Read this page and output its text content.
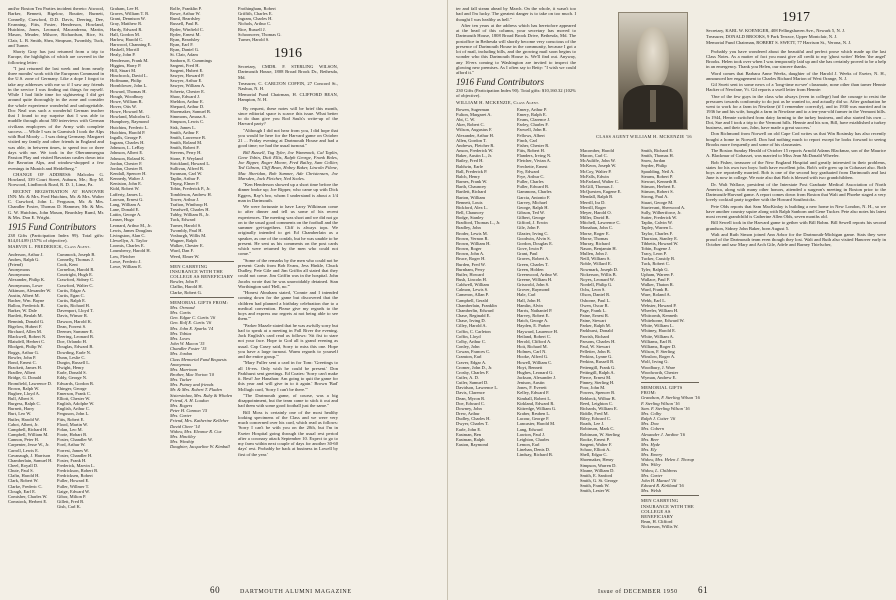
and/or Boston Tea Parties incident thereto: Atwood, Barker, Bennett, Bigelow, Boutier, Burnett, Connelly, Crawford, D.D. Davis, Deering, Dee, Evanning, Fitts, Foster, Henderson, Howland, Hutchins, Jones, Leonard, Macandreau, Martin, Mason, Meader, Milsore, Richardson, Rice, St. Clair, L. B. Smith, Shea, Simpson, Twombly, Tuck, and Turner.

Shorty Gray has just returned from a trip to Europe, the highlights of which are covered in the following letter:

"I just returned the last week and from nearly three months' work with the European Command in the U.S. zone of Germany. Like a dope I forgot to take any addresses with me so if I saw any friends in the service I was finding out things for myself. While I had little time for sightseeing I did get around quite thoroughly in the zone and consider the whole experience wonderful and unforgettable. Doc Neal was such a wonderful German teacher that I found to my surprise that I was able to muddle through about 500 interviews with German civilians employees of the Army with complete success. ... While I was in Garmisch I took the Alps with Bud Moody ... I was doing Germany. Margaret visited my family and other friends in England and was able, in between times, to spend two or three days with me. We took in the Oberammergau Passion Play and visited Bavarian castles down into the Bavarian Alps, and window-shopped a few evenings in Munich and Heidelberg."

CHANGE OF ADDRESS: Malcolm G. Howland, 339 Court Street, Auburn, Me.; Roy M. Norwood, Lindbrook Road, R. D. 1, Lima, Pa.

RECENT REGISTRATION AT HANOVER INN: Mr. & Mrs. Fred Hutchins, Mr. & Mrs. Walter C. Crawford, John L. Ferguson, Mr. & Mrs. Chandler Foster, Thomas D. Hammer, Mr. & Mrs. G. W. Hutchins, John Mason, Beardsley Ruml, Mr. & Mrs. Don E. Wright.

1915 Fund Contributors

238 Gifts (Participation Index 99). Total gifts: $14,014.89 (157% of objective).

MARVIN L. FREDERICK, Class Agent.

Anderson, Arthur J.
Andres, Ralph G.
(Friend)
Anonymous
Anonymous
Alexander, Philip K.
Anonymous, Lowe
Atkinson, Alexander W.
Austin, Albert M.
Bacher, Wm. Bayne
Ballou, Frederick R.
Barker, W. Dale
Bartlett, Beulah M.
Bennink, Donald G.
Bigelow, Hubert F.
Birchard, Allen M.
Blackwell, Robert N.
Blaisdell, Herbert C.
Blodgett, Philip W.
Boggs, Arthur G.
Bowler, John P.
Bond, Ernest C.
Brackett, James H.
Bradlee, Albert
Bridge, G. Donald
Bromfield, Lawrence D.
Brown, Ralph W.
Bugbee, Lloyd A.
Bull, Albert S.
Burgess, Ralph C.
Burnett, Harry
Burt, Leo W.
Butler, Harold W.
Cabot, Albert, Jr.
Campbell, Richard H.
Campbell, William M.
Cannon, Peter H.
Carpenter, Jesse W., Jr.
Carroll, Lewis E.
Cavanaugh, J. Harrison
Chamberlain, Samuel H.
Cheel, Royall D.
Chute, Paul S.
Clafin, Harold H.
Clark, Robert W.
Clarke, Frederic C.
Clough, Earl E.
Comisher, Charles W.
Comstock, Herbert E.
Cummock, Joseph B.
Connelly, Thomas J.
Cook, Kent
Cornelius, Harold R.
Courtright, Hugh E.
Crawford, Sidney C.
Crawford, Walter C.
Curtis, Edgar A.
Curtis, Egan C.
Curtis, Ralph E.
Curtis, Richard H.
Davenport, Lloyd T.
Davis, Winsor R.
Dawson, Harold K.
Dean, Forrest S.
Deemer, Summer E.
Deering, Leonard B.
Doe, Orlando H.
Douglas, Edward B.
Dowding, Earle N.
Dunn, Leslie C.
Durgin, Russell L.
Dwight, Henry
Earle, Donald S.
Eddy, George N.
Edwards, Gordon B.
Ehinger, George
Emerson, Frank C.
Elliott, Chester W.
English, Adolphe W.
English, Arthur C.
Ferguson, John L.
Fitts, Robert E.
Flood, Martin W.
Folan, Leo M.
Foote, Hobart B.
Foster, Chandler W.
Ford, Arthur W.
Forrest, James W.
Foster, Chandler H.
Foster, Frank H.
Frederick, Marvin L.
Fredrickson, Robert B.
Fredricksen, Robert
Fuller, Howard E.
Fuller, Willmer T.
Gaige, Edward W.
Gibor, Milton P.
Gillett, Fred B.
Gish, Carl K.
Graham, Lee H.
Graves, William T. B.
Grant, Dennison W.
Gray, Matthew R.
Hardy, Edward R.
Hall, Gordon M.
Harlow, Harold C.
Harwood, Channing E.
Haskell, Morrill
Healy, John P.
Henderson, Frank M.
Higgins, Harry P.
Hill, Stuart M.
Hinchcock, David L.
Hoffmann, Philip
Hornblower, John L.
Howard, Thomas H.
Hough, Woodbury
Howe, William R.
Hover, Otis W.
Howe, Howard M.
Howland, Malcolm G.
Humphrey, Raymond
Hutchins, Frederic L.
Hutchins, Harold P.
Ingalls, George P.
Ingram, Charles H.
Johnson, L. LeRoy
Johnson, Albert E.
Johnson, Roland K.
Jordan, Chester F.
Jordan, Chester B.
Kendall, Spencer H.
Kennedy, Walter J.
Keniston, John E.
Kidd, Robert W.
Lafferty, James L.
Lawson, Ernest G.
Lang, William A.
Lane, Donald E.
Lattin, George A.
Leaser, Hugo
Leonard, Arthur M., Jr.
Lewis, James Douglass
Livingston, Alan C.
Llewellyn, A. Taylor
Loomis, Charles E.
Lounsberry, Harold H.
Low, Fletcher
Lowe, Frederic J.
Lowe, William E.
Rolfe, Franklin P.
Rowe, Arthur W.
Ruml, Beardsley
Russell, Paul B.
Ryder, Winfield C.
Ryder, Ernest M.
Ryan, Beardsley
Ryan, Earl F.
Ryan, Daniel G.
St. Clair, Adam
Sanborn, E. Cummings
Sargent, Fred H.
Sargent, Hubert E.
Sawyer, Howard P.
Sawyer, Arthur E.
Sawyer, William A.
Scheetz, Chester E.
Shaw, Edward J.
Sheldon, Arthur E.
Shepard, Arthur D.
Shoemaker, Samuel B.
Simmons, Amasa A.
Simpson, Lewis C.
Sisk, James L.
Smith, Arthur F.
Smith, Lawrence B.
Smith, Roland M.
Smith, Robert F.
Stevens, Perry H.
Stone, F. Weyland
Strickland, Howard L.
Sullivan, Alfred B.
Swanson, Carl W.
Taplin, Arthur F.
Thyng, Elmer F.
Tobin, Frederick P., Jr.
Tombleson, Andrew H.
Tower, Arthur J.
Trafton, Winthrop H.
Treadwell, Charles H.
Tubby, William B., Jr.
Tuck, Edward
Turner, Harold S.
Twombly, Paul H.
Vosburgh, Willis M.
Wagner, Ralph
Walker, Chester E.
Ward, Dan F.
Weed, Elmer W.
MEN CARRYING INSURANCE WITH THE COLLEGE AS BENEFICIARY
Bowler, John P.
Claflin, Harold H.
Clarke, Robert G.
MEMORIAL GIFTS FROM:
Mrs. Ormond
Mrs. Curtis
Gen. Edgar C. Curtis '16
Gen. Rolf E. Curtis '16
Mrs. John E. Sparks '14
Mrs. Tobias
Mrs. Loves
John W. Macon '15
Chandler Foster '15
Mrs. Jordan
Class Memorial Fund Bequests
Anonymous
Mrs. Marrinan
Brother, Mac Norton '10
Mrs. Tucker
Mrs. Putney and friends
Mr. & Mrs. Robert T. Fladen
Sistersinlaw, Mrs. Ruby & Whalen
Friend, A. H. Loudon
Mrs. Rogers
Peter H. Cannon '15
Mrs. Carter
Friend, Mrs. Katherine Kelleher
David Cheer '14
Widow, Mrs. Eleanor R. Cox
Mrs. Hinckley
Mrs. Winship
Daughter, Jacqueline W. Kimball
Frothingham, Robert
Griffith, Charles E.
Ingram, Charles H.
Nichols, Arthur C.
Rice, Russell J.
Schoonover, Thomas G.
Turner, Harold S.
1916

Secretary, CMDR. F. STERLING WILSON, Dartmouth House, 1808 Broad Brook Dr., Bethesda, Md.

Treasurer, C. CARLTON COFFIN, 27 Concord St., Nashua, N. H.

Memorial Fund Chairman, H. CLIFFORD BEAN, Hampton, N. H.

By request, these notes will be brief this month, since editorial space is scarce this issue. What better to do than give you Rod Sauls's write-up of the Harvard party?

"Although I did not hear from you, I did hope that you would be here for the Harvard game on October 21 ... Friday evening at Dartmouth House and had a good time; we had the usual turnout."

Bill Russell, Tug Tyler, Joe Wammock, Cal Taplin, Gene Tobin, Dick Ellis, Ralph George, Frank Boles, Joe Ripper, Roger Moore, Fred Bailey, Sam Collier, Ted Gibson, Cliff Bean, Hobey Baker, Lincoln Filene, Mac Sheridan, Bob Sumner, Ade Christensen, Joe Marsden, Jack Fletcher, Ned Scales.

"Ken Henderson showed up a short time before the dinner broke up; Joe Ripper, who came up with Dick Eggers, Ray's bro, whom I understand is about a 1/4 man in Dartmouth.

We were fortunate to have Larry Wilkinson come to after dinner and tell us some of his recent experiences. The meeting was short and we did not go on to the usual good comments on the football and the summer get-togethers. Cliff is always tops. We originally intended to get Ed Chamberlain as a speaker, as one of the confab, but he was unable to be present. He sent us his comments on the post cards which were returned by the men who could not come."

"Some of the remarks by the men who could not be present: Cards from Bob Evans, Jess Hinkle, Chuck Dudley, Pete Gile and Jim Griffin all stated that they could not come. Jim Griffin was in the hospital. John Jacobs wrote that he was unavoidably detained. Stan Worthington said 'Hell, no.'"

"Honest Abraham stated, 'Connie and I intended coming down for the game but discovered that the children had planned a birthday celebration due to a medical convention. Please give my regards to the boys and express our regrets at not being able to see them.'"

"Parker Mazzle stated that he was awfully sorry but had to speak at a meeting in Fall River the evening. Jack English's card read as follows: 'Sit fist to stare not your face. Hope to God all is grand evening as usual. Cap Casey said, Sorry to miss this one. Hope you have a large turnout. Warm regards to yourself and the entire group.'"

"Mary Fuller sent a card in for Tom: 'Greetings to all 16-ers. Only wish he could be present.' Don Parkhurst sent greetings. Ed Coates: 'Sorry can't make it. Best! Joe Hanahan: Am going to quit the game for this year and will give in to it again.' Brown 'Bad' Mcllugh card, 'Sorry I can't be there.'"

"The Dartmouth game, of course, was a big disappointment, but the team came to stick it out and had them with some good football just the same."

Bill Moss is certainly one of the most healthy looking specimens of the Class and we were very much concerned over his card, which read as follows: 'Sorry I can't be with you on the 20th, but I'm in Exeter Hospital going through the usual rest period after a coronary attack September 10. Expect to go to my farm within next couple of days for another 30-60 days' rest. Probably be back at business in Lowell by first of the year.'

60	DARTMOUTH ALUMNI MAGAZINE

ter and fall steam ahead by March. On the whole, it wasn't too bad and I'm lucky. The greatest danger is to take on too much. I thought I was healthy as hell."

After ten years at the address which has heretofore appeared at the head of this column, your secretary has moved to Dartmouth House, 1808 Broad Brook Drive, Bethesda, Md. The postoffice in Bethesda will shortly become very conscious of the presence of Dartmouth House in the community, because I got a lot of mail, including bills, and the growing mail soon begins to wonder who this Dartmouth House is. We'll find out. Anyway, any 16-ers coming to Washington are invited to inspect the glowing new premises. As I often say to Betty: "I wish we could afford it."

1916 Fund Contributors

230 Gifts (Participation Index 90). Total gifts: $10,160.32 (102% of objective).

WILLIAM H. MCKENZIE, Class Agent.

Bowen, Sugerman
Fulton, Margaret A.
Abt, C. W.
Aker, Robert C.
Wilson, Augustus F.
Alexander, Arthur H.
Allen, Gordon T.
Andrews, Fletcher R.
Anson, Frederick W.
Baker, Austin L., Jr.
Bailey, Fred H.
Baldwin, Earle
Ball, Frederick P.
Balch, Henry
Barnes, Frank W.
Barth, Chauncey
Bartlett, Richard
Barton, William
Bennett, Louis
Bickford, Alex L.
Bell, Chauncey
Bodge, Stanley
Bradford, Thomas L., Jr.
Bradley, John
Broder, Lewis M.
Brown, Vernon R.
Brown, William H.
Brown, Roger
Brown, John A.
Bruce, Roger H.
Burden, Fred W.
Burnham, Perry
Butler, Howard
Bush, Lincoln H.
Caldwell, William
Calmon, Lewis S.
Cameron, Allan P.
Campbell, Gerald
Chamberlain, Franklin
Chamberlin, Edward
Chase, Reginald E.
Chase, Irving D.
Cilley, Harold A.
Coffin, C. Carleton
Coffin, Lloyd
Colby, Arthur C.
Conley, John
Cowan, Frances C.
Cramton, Earl
Craver, Edgar A.
Cromer, John D., Jr.
Crosby, Charles F.
Cutler, A. D.
Cutler, Samuel D.
Davidson, Lawrence L.
Davis, Clarence
Dean, Myron R.
Doe, Edward C.
Downey, John
Drew, Arthur
Dudley, Charles H.
Dwyer, Charles T.
Earle, John E.
Eastman, Ben
Eastman, Ralph
Easton, Raymond
Emery, Arthur P.
Emery, Ralph E.
Evans, Clarence J.
Farley, Charles F.
Farwell, John R.
Fellows, Albert
Finch, Carl
Fisher, Chester R.
Fitts, Robert H.
Flanders, Irving N.
Fletcher, Vivian A.
Frechette, Ernest
Fry, Edward
Frye, Arthur C.
Fuller, Charles
Fuller, Edward B.
Gammons, Charles
Garcia, Antonio F.
Garvey, Michael
George, Ralph H.
Gibson, Ted W.
Gilbert, George
Gifford, J. Erwin
Gile, John F.
Glazier, Irving C.
Goodwin, Alvin S.
Gordon, Douglas E.
Gove, Irwin P.
Grant, Paul
Graves, Robert A.
Green, Charles T.
Green, Holden
Greenwood, Arthur W.
Greene, William H.
Griswold, John S.
Grover, Raymond
Hale, Carl
Hall, John H.
Hamlin, Alvin
Harris, Nathaniel P.
Harvey, Robert E.
Hatch, George A.
Hayden, E. Parker
Hayward, Laurence H.
Heiland, Robert C.
Herold, Clifford A.
Hoit, Richard M.
Holmes, Carl N.
Hooke, Alfred G.
Howell, William C.
Hoyt, Bennett
Hughes, Leonard G.
Jackson, Alexander J.
Jenison, Austin
Jones, F. Everett
Kelley, Edward F.
Kimball, Robert L.
Kirkland, Edward R.
Kittredge, William G.
Kraber, Reuben L.
Lacour, George F.
Lancaster, Harold M.
Lang, Edward
Lawton, Paul J.
Leighton, Charles
Lemon, Earl
Linehan, Denis D.
Lindsay, Richard B.
Macomber, Harold
Macon, Carl C.
McAuliffe, John W.
McKeon, Joseph W.
McCoy, Walter P.
McFalls, Edwin
McFarland, Walter C.
McGill, Thomas J.
McQuesten, Eugene E.
Mendall, Ralph B.
Merrill, Ira D.
Merrill, Roger
Meyer, Harold O.
Miller, David B.
Mitchell, Lawrence C.
Monahan, John C.
Morse, Roger E.
Morse, Thomas
Murray, Richard
Nason, Benjamin H.
Mullen, John J.
Neill, William S.
Noble, Willard E.
Nowmark, Joseph D.
Nickerson, Willis B.
Noyes, Leonard W.
Nordell, Philip G.
Ochs, Leon S.
Olson, Daniel R.
Osborne, Paul L.
Owen, Oscar R.
Page, Frank L.
Paine, Ernest R.
Paine, Stewart
Parker, Ralph M.
Parkhurst, Donald
Parrish, Richard
Parsons, Charles H.
Paul, W. Stewart
Pelletier, John B.
Perkins, Lynne G.
Perkins, Russell B.
Pettengill, Frank G.
Pettingill, Ralph A.
Pierce, Ernest M.
Pinney, Sterling H.
Poor, John M.
Powers, Spencer B.
Rebbeck, Wilbur B.
Reed, Leighton C.
Richards, William E.
Riddle, Fred M.
Riley, Edward C.
Roads, Lee J.
Robinson, Mark C.
Robinson, W. Sterling
Rooke, Ernest P.
Sargent, Walter F.
Schaw, Elliott A.
Shell, Edgar C.
Shoemaker, Henry
Simpson, Warren D.
Sloane, William D.
Smith, E. Sanford
Smith, G. St. George
Smith, Frank W.
Smith, Lester W.
Smith, Richard E.
Smith, Thomas H.
Snow, Jordan
Snyder, Philip
Spaulding, Neil A.
Stearns, Robert P.
Stewart, Kenneth B.
Stinson, Herbert E.
Stinson, Robert S.
Strong, Paul A.
Stuart, George M.
Sturtevant, Sherwood A.
Sully, Wilbertforce, Jr.
Sutter, Frederick W.
Taplin, Calvin W.
Tapley, Warren L.
Taylor, Charles F.
Thurston, Stanley E.
Tibbetts, Howard W.
Tobin, Eugene J.
Tracy, Leon P.
Tucker, Cassidy B.
Tuck, Robert C.
Tyler, Ralph G.
Upham, Warren F.
Wallace, Paul F.
Walker, Thaton R.
Ward, Frank B.
Ware, Roland A.
Webb, Earl L.
Webster, Howard P.
Wheeler, William H.
Whitcomb, Kenneth
Whitehorne, Edward W.
White, William L.
Whitney, Harold E.
White, William A.
Williams, Earl B.
Williams, Roger D.
Wilson, F. Sterling
Winslow, Roger A.
Wolf, Irving G.
Woodbury, J. Ware
Woodworth, Chester
Wyman, Andrew E.
MEMORIAL GIFTS FROM:
Grandson, F. Sterling Wilson '16
F. Sterling Wilson '16
Sam. F. Sterling Wilson '16
Mrs. Colby
Ralph J. Cotter '16
Mrs. Dow
Mrs. Cobern
Alexander J. Jardine '16
Mrs. Beer
Mrs. Hyde
Mrs. Ely
Mrs. Emery
Widow, Mrs. Helen J. Thorup
Mrs. Wiley
Widow, L. Childress
Mrs. Carter
John H. Mansel '16
Edward R. Kirkland '16
Mrs. Welsh
MEN CARRYING INSURANCE WITH THE COLLEGE AS BENEFICIARY
Bean, H. Clifford
Nickerson, Willis W.
CLASS AGENT WILLIAM H. MCKENZIE '16
1917

Secretary, KARL W. KOENIGER, 408 Fellingshaven Ave., Newark 5, N. J.

Treasurer, DONALD BROOKS, 9 Park Terrace, Upper Montclair, N. J.

Memorial Fund Chairman, ROBERT S. SWETT, 77 Harrison St., Verona, N. J.

Probably you have wondered about the beautiful and perfect prose which made up the last Class Notes. As a matter of fact you must give all credit to my 'ghost writer' Helen 'the angel' Brooks. Helen took over when I was temporarily laid up and she has certainly proved to be a help in an emergency. Thank you Helen, our sincere thanks.

Word comes that Barbara Anne Weeks, daughter of the Harold J. Weeks of Exeter, N. H., announced her engagement to Charles Richard Marion of West Orange, N. J.

Gil Swett sent in some news of a 'long-time no-see' classmate, none other than tarner Hennie Hacker of Newfane, Vt. Gil reports a swell letter from Hennie:

'One of the few guys in the class who always (even in college) had the courage to resist the pressures towards conformity to do just as he wanted to, and actually did so. After graduation he went to work for a farm in Newfane (if I remember correctly), and in 1930 was married and in 1936 he and his wife, bought a farm in Newfane and to a ten-year-old farmer in the Vermont hills. In 1944, Hennie switched from dairy farming to the turkey business, and also started his own ... Dot, Sue and I took a trip to the Vermont hills. Hennie and his son, Bill, have established a turkey business, and their son, John, have made a great success.'

Don Richmond from Norwell on old Cape Cod writes us that Win Rosinsky has also recently bought a home in Norwell. Don had nothing much to report except he looks forward to seeing Brooks more frequently and some of his classmates.

The Boston Sunday Herald of October 15 reports Arnold Adams Blackmar, son of the Maurice A. Blackmar of Cohasset, was married to Miss Jean McDonald Wheeler.

Bob Fisher, treasurer of the New England Hospital and greatly interested in their problems, states for his own two boys: both have excellent jobs. Bob's wife grew up in Cohasset also. Both boys are reportedly married. Bob is one of the second boy graduated from Dartmouth and last June is now in college. We note also that Bob is blessed with two grandchildren.

Dr. Walt Wallace, president of the Interstate Post Graduate Medical Association of North America, along with many other honors, attended a surgeon's meeting in Boston prior to the Dartmouth-Harvard game. A report comes down from Boston that Walt and Phoebe staged a very lovely cocktail party together with the Howard Southwicks.

Pete Olds reports that Sam MacKinlay is building a new home in New London, N. H., so we have another country squire along with Ralph Sanborn and Gene Tucker. Pete also notes his latest most recent grandchild is Catherine Allen Olds, seven months old.

Bill Sewell took in the Harvard game to gether with Bill Bohm. Bill Sewell reports his second grandson, Sidney John Baker, born August 5.

Walt and Ruth Simon joined Ann Arbor for the Dartmouth-Michigan game. Stats they were proud of the Dartmouth team even though they lost. Walt and Ruth also visited Hanover early in October and saw Mary and Arch Gile, Adele and Barney Thielscher,

Issue of DECEMBER 1950 61
